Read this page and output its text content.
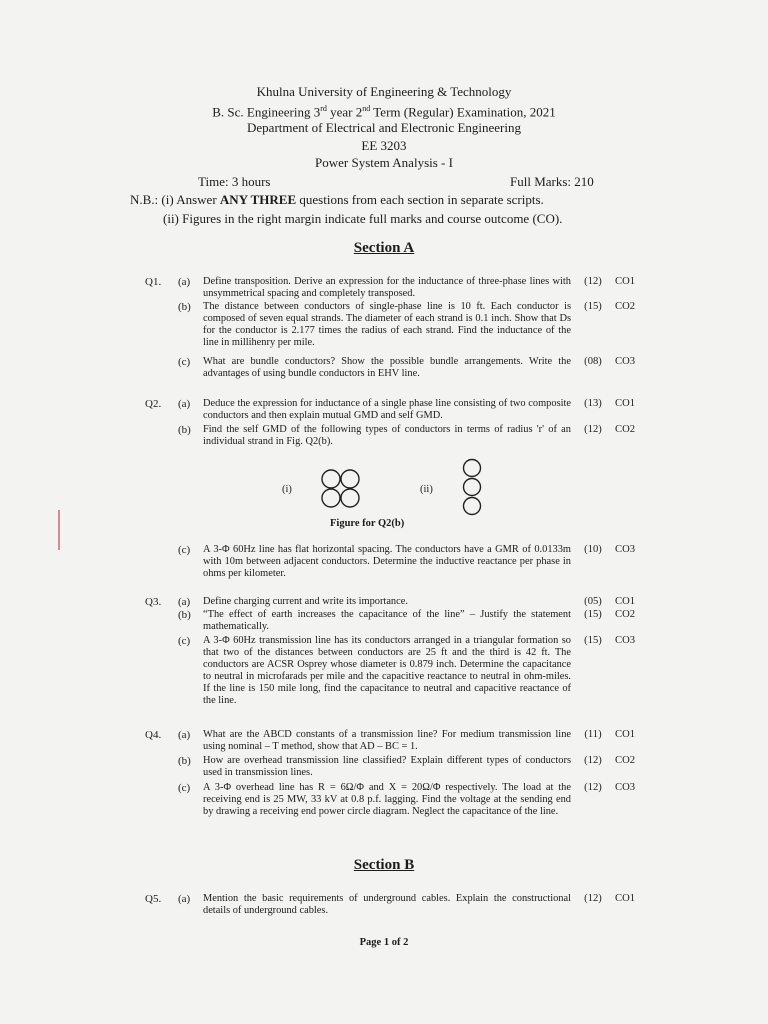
Khulna University of Engineering & Technology
B. Sc. Engineering 3rd year 2nd Term (Regular) Examination, 2021
Department of Electrical and Electronic Engineering
EE 3203
Power System Analysis - I
Time: 3 hours	Full Marks: 210
N.B.: (i) Answer ANY THREE questions from each section in separate scripts.
(ii) Figures in the right margin indicate full marks and course outcome (CO).
Section A
Q1. (a) Define transposition. Derive an expression for the inductance of three-phase lines with unsymmetrical spacing and completely transposed.
(12)	CO1
(b) The distance between conductors of single-phase line is 10 ft. Each conductor is composed of seven equal strands. The diameter of each strand is 0.1 inch. Show that Ds for the conductor is 2.177 times the radius of each strand. Find the inductance of the line in millihenry per mile.
(15)	CO2
(c) What are bundle conductors? Show the possible bundle arrangements. Write the advantages of using bundle conductors in EHV line.
(08)	CO3
Q2. (a) Deduce the expression for inductance of a single phase line consisting of two composite conductors and then explain mutual GMD and self GMD.
(13)	CO1
(b) Find the self GMD of the following types of conductors in terms of radius 'r' of an individual strand in Fig. Q2(b).
(12)	CO2
(i)	(ii)
Figure for Q2(b)
(c) A 3-Φ 60Hz line has flat horizontal spacing. The conductors have a GMR of 0.0133m with 10m between adjacent conductors. Determine the inductive reactance per phase in ohms per kilometer.
(10)	CO3
Q3. (a) Define charging current and write its importance.	(05)	CO1
(b) “The effect of earth increases the capacitance of the line” – Justify the statement mathematically.
(15)	CO2
(c) A 3-Φ 60Hz transmission line has its conductors arranged in a triangular formation so that two of the distances between conductors are 25 ft and the third is 42 ft. The conductors are ACSR Osprey whose diameter is 0.879 inch. Determine the capacitance to neutral in microfarads per mile and the capacitive reactance to neutral in ohm-miles. If the line is 150 mile long, find the capacitance to neutral and capacitive reactance of the line.
(15)	CO3
Q4. (a) What are the ABCD constants of a transmission line? For medium transmission line using nominal – T method, show that AD – BC = 1.
(11)	CO1
(b) How are overhead transmission line classified? Explain different types of conductors used in transmission lines.
(12)	CO2
(c) A 3-Φ overhead line has R = 6Ω/Φ and X = 20Ω/Φ respectively. The load at the receiving end is 25 MW, 33 kV at 0.8 p.f. lagging. Find the voltage at the sending end by drawing a receiving end power circle diagram. Neglect the capacitance of the line.
(12)	CO3
Section B
Q5. (a) Mention the basic requirements of underground cables. Explain the constructional details of underground cables.
(12)	CO1
Page 1 of 2
